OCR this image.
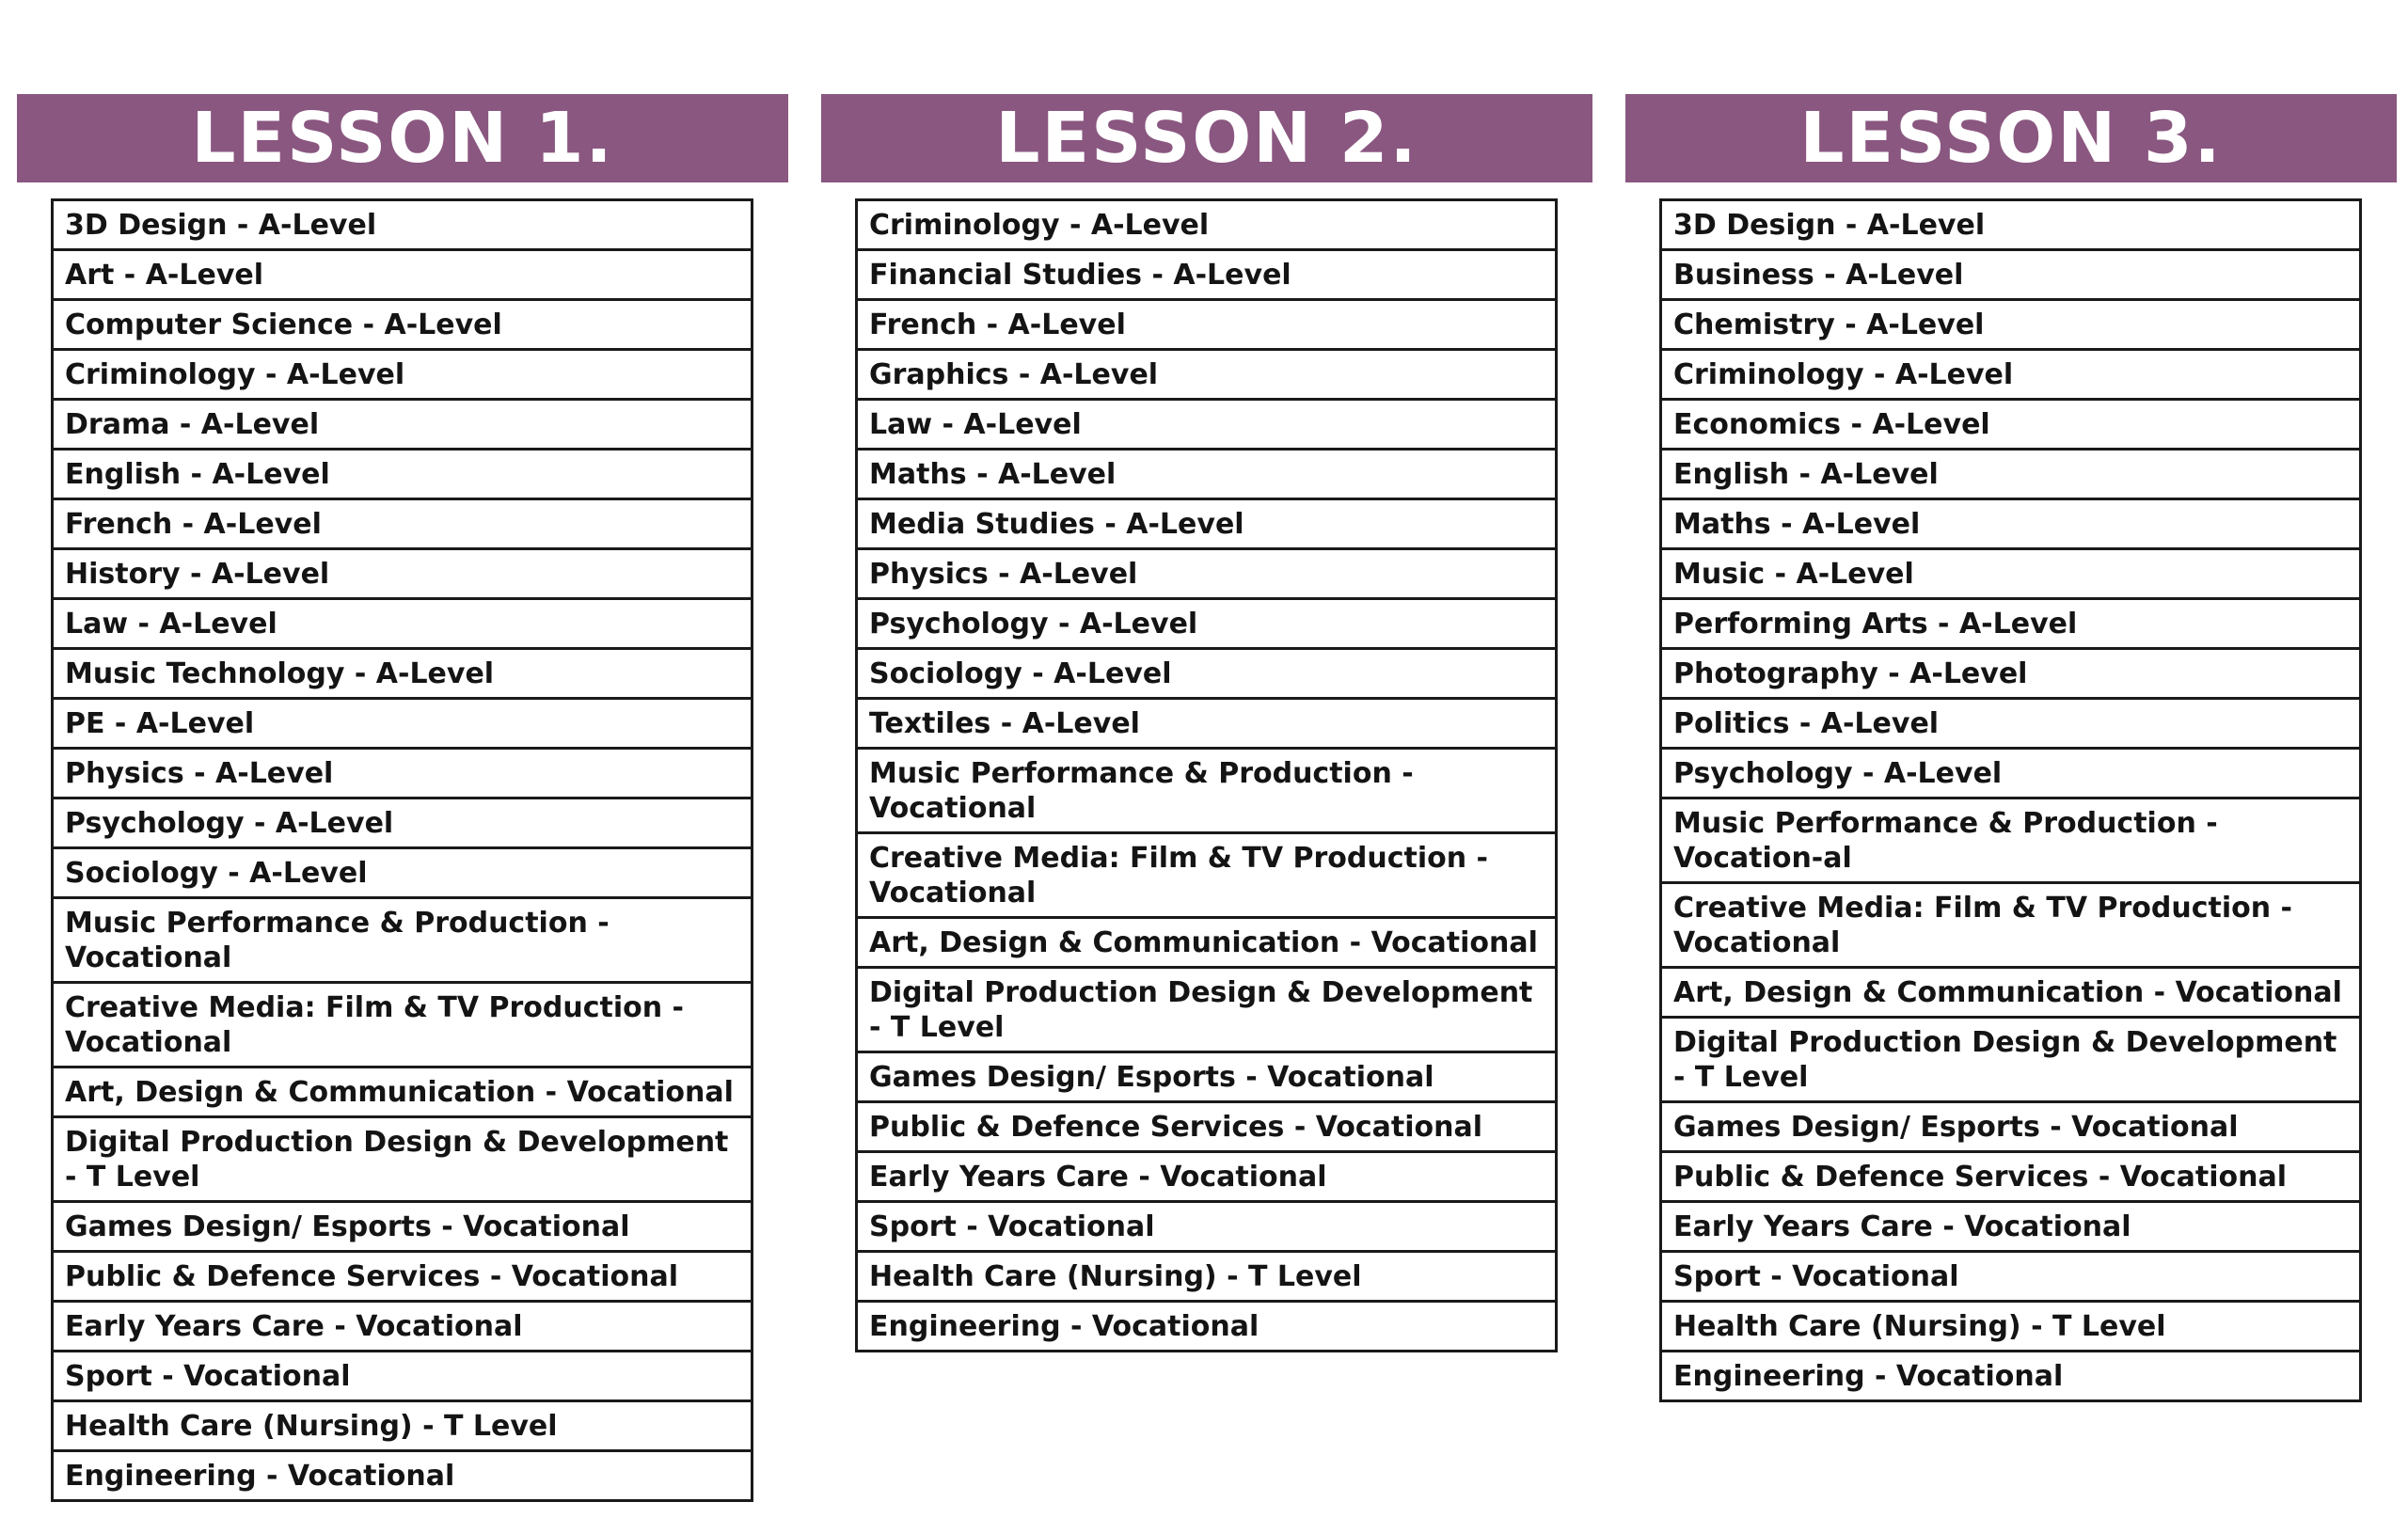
LESSON 1.
3D Design - A-Level
Art - A-Level
Computer Science - A-Level
Criminology - A-Level
Drama - A-Level
English - A-Level
French - A-Level
History - A-Level
Law - A-Level
Music Technology - A-Level
PE - A-Level
Physics - A-Level
Psychology - A-Level
Sociology - A-Level
Music Performance & Production - Vocational
Creative Media: Film & TV Production - Vocational
Art, Design & Communication - Vocational
Digital Production Design & Development - T Level
Games Design/ Esports - Vocational
Public & Defence Services - Vocational
Early Years Care - Vocational
Sport - Vocational
Health Care (Nursing) - T Level
Engineering - Vocational
LESSON 2.
Criminology - A-Level
Financial Studies - A-Level
French - A-Level
Graphics - A-Level
Law - A-Level
Maths - A-Level
Media Studies - A-Level
Physics - A-Level
Psychology - A-Level
Sociology - A-Level
Textiles - A-Level
Music Performance & Production - Vocational
Creative Media: Film & TV Production - Vocational
Art, Design & Communication - Vocational
Digital Production Design & Development - T Level
Games Design/ Esports - Vocational
Public & Defence Services - Vocational
Early Years Care - Vocational
Sport - Vocational
Health Care (Nursing) - T Level
Engineering - Vocational
LESSON 3.
3D Design - A-Level
Business - A-Level
Chemistry - A-Level
Criminology - A-Level
Economics - A-Level
English - A-Level
Maths - A-Level
Music - A-Level
Performing Arts - A-Level
Photography - A-Level
Politics - A-Level
Psychology - A-Level
Music Performance & Production - Vocation-al
Creative Media: Film & TV Production - Vocational
Art, Design & Communication - Vocational
Digital Production Design & Development - T Level
Games Design/ Esports - Vocational
Public & Defence Services - Vocational
Early Years Care - Vocational
Sport - Vocational
Health Care (Nursing) - T Level
Engineering - Vocational
